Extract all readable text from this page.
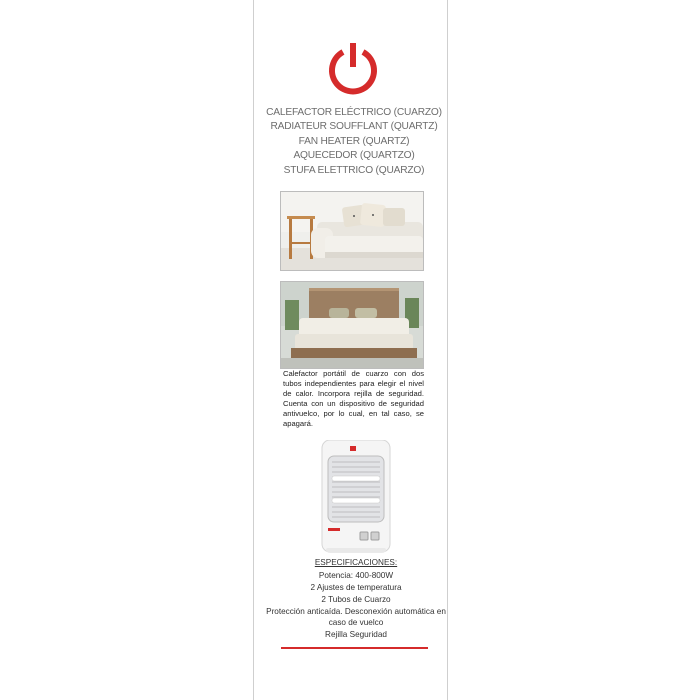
CALEFACTOR ELÉCTRICO (CUARZO)
RADIATEUR SOUFFLANT (QUARTZ)
FAN HEATER (QUARTZ)
AQUECEDOR (QUARTZO)
STUFA ELETTRICO (QUARZO)
Calefactor portátil de cuarzo con dos tubos independientes para elegir el nivel de calor. Incorpora rejilla de seguridad. Cuenta con un dispositivo de seguridad antivuelco, por lo cual, en tal caso, se apagará.
ESPECIFICACIONES:
Potencia: 400-800W
2 Ajustes de temperatura
2 Tubos de Cuarzo
Protección anticaída. Desconexión automática en caso de vuelco
Rejilla Seguridad
